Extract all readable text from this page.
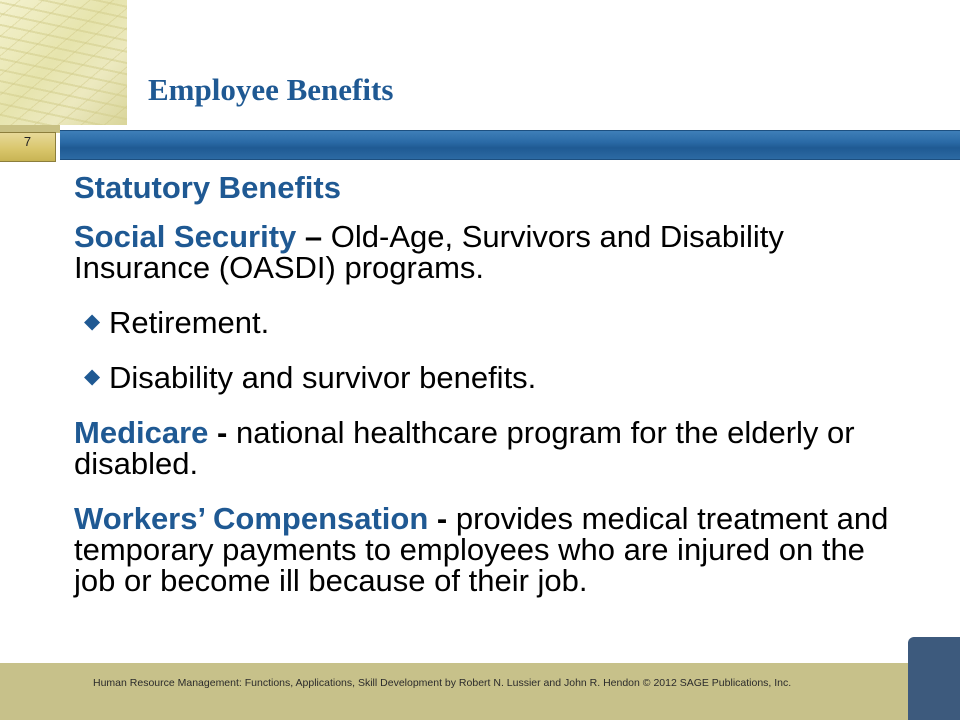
Employee Benefits
7

Statutory Benefits

Social Security – Old-Age, Survivors and Disability Insurance (OASDI) programs.

◆ Retirement.

◆ Disability and survivor benefits.

Medicare - national healthcare program for the elderly or disabled.

Workers’ Compensation - provides medical treatment and temporary payments to employees who are injured on the job or become ill because of their job.

Human Resource Management: Functions, Applications, Skill Development by Robert N. Lussier and John R. Hendon © 2012 SAGE Publications, Inc.
